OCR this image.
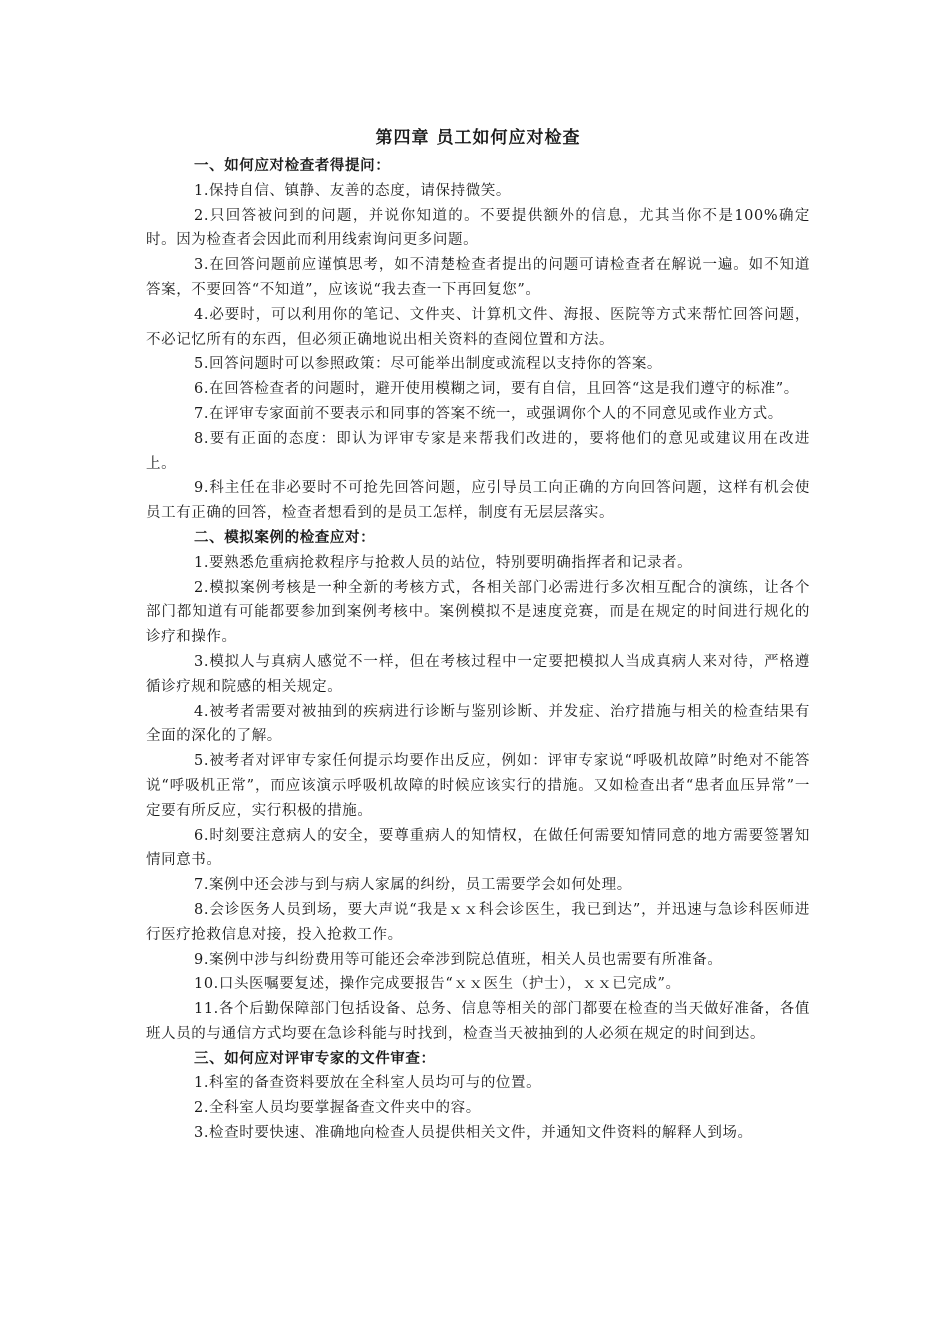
第四章 员工如何应对检查
一、如何应对检查者得提问：

1.保持自信、镇静、友善的态度，请保持微笑。

2.只回答被问到的问题，并说你知道的。不要提供额外的信息，尤其当你不是100%确定时。因为检查者会因此而利用线索询问更多问题。

3.在回答问题前应谨慎思考，如不清楚检查者提出的问题可请检查者在解说一遍。如不知道答案，不要回答“不知道”，应该说“我去查一下再回复您”。

4.必要时，可以利用你的笔记、文件夹、计算机文件、海报、医院等方式来帮忙回答问题，不必记忆所有的东西，但必须正确地说出相关资料的查阅位置和方法。

5.回答问题时可以参照政策：尽可能举出制度或流程以支持你的答案。

6.在回答检查者的问题时，避开使用模糊之词，要有自信，且回答“这是我们遵守的标准”。

7.在评审专家面前不要表示和同事的答案不统一，或强调你个人的不同意见或作业方式。

8.要有正面的态度：即认为评审专家是来帮我们改进的，要将他们的意见或建议用在改进上。

9.科主任在非必要时不可抢先回答问题，应引导员工向正确的方向回答问题，这样有机会使员工有正确的回答，检查者想看到的是员工怎样，制度有无层层落实。

二、模拟案例的检查应对：

1.要熟悉危重病抢救程序与抢救人员的站位，特别要明确指挥者和记录者。

2.模拟案例考核是一种全新的考核方式，各相关部门必需进行多次相互配合的演练，让各个部门都知道有可能都要参加到案例考核中。案例模拟不是速度竞赛，而是在规定的时间进行规化的诊疗和操作。

3.模拟人与真病人感觉不一样，但在考核过程中一定要把模拟人当成真病人来对待，严格遵循诊疗规和院感的相关规定。

4.被考者需要对被抽到的疾病进行诊断与鉴别诊断、并发症、治疗措施与相关的检查结果有全面的深化的了解。

5.被考者对评审专家任何提示均要作出反应，例如：评审专家说“呼吸机故障”时绝对不能答说“呼吸机正常”，而应该演示呼吸机故障的时候应该实行的措施。又如检查出者“患者血压异常”一定要有所反应，实行积极的措施。

6.时刻要注意病人的安全，要尊重病人的知情权，在做任何需要知情同意的地方需要签署知情同意书。

7.案例中还会涉与到与病人家属的纠纷，员工需要学会如何处理。

8.会诊医务人员到场，要大声说“我是ｘｘ科会诊医生，我已到达”，并迅速与急诊科医师进行医疗抢救信息对接，投入抢救工作。

9.案例中涉与纠纷费用等可能还会牵涉到院总值班，相关人员也需要有所准备。

10.口头医嘱要复述，操作完成要报告“ｘｘ医生（护士），ｘｘ已完成”。

11.各个后勤保障部门包括设备、总务、信息等相关的部门都要在检查的当天做好准备，各值班人员的与通信方式均要在急诊科能与时找到，检查当天被抽到的人必须在规定的时间到达。

三、如何应对评审专家的文件审查：

1.科室的备查资料要放在全科室人员均可与的位置。

2.全科室人员均要掌握备查文件夹中的容。

3.检查时要快速、准确地向检查人员提供相关文件，并通知文件资料的解释人到场。
